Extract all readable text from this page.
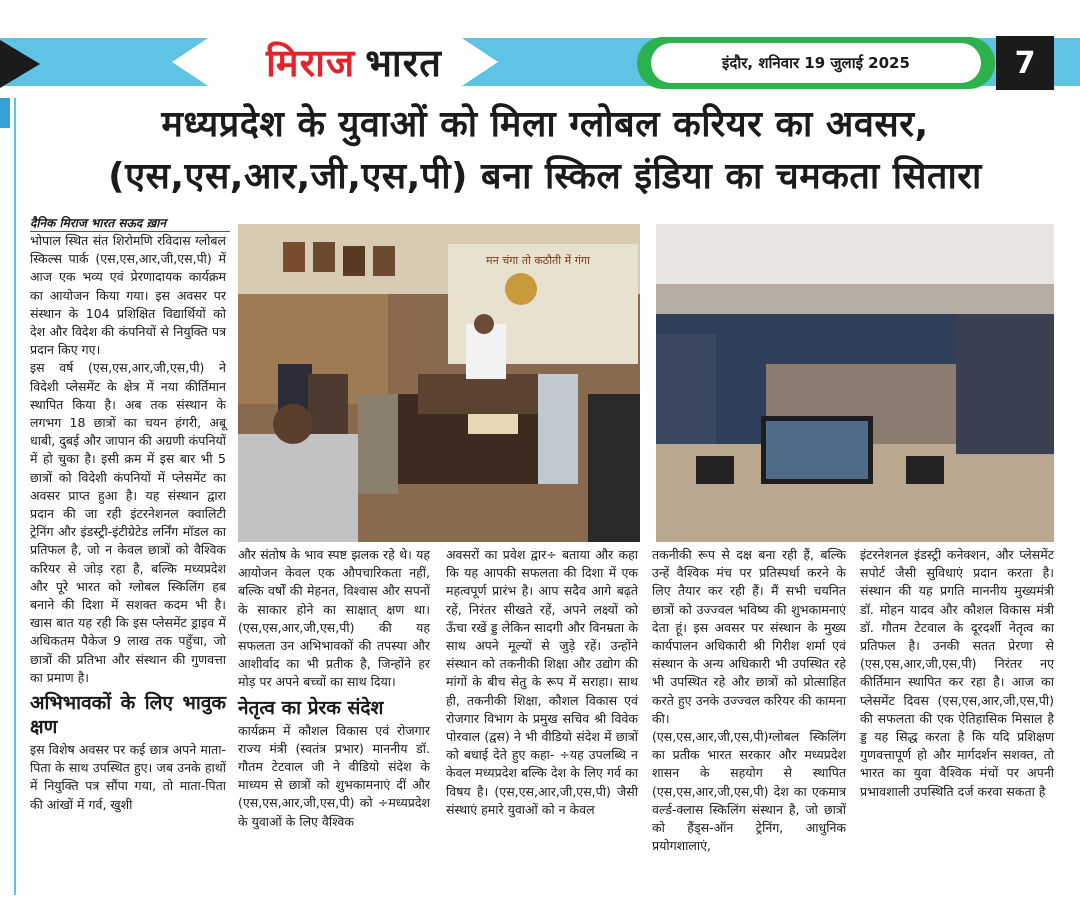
मिराज भारत	इंदौर, शनिवार 19 जुलाई 2025	7
मध्यप्रदेश के युवाओं को मिला ग्लोबल करियर का अवसर,
(एस,एस,आर,जी,एस,पी) बना स्किल इंडिया का चमकता सितारा
दैनिक मिराज भारत सऊद ख़ान
मन चंगा तो कठौती में गंगा

भोपाल स्थित संत शिरोमणि रविदास ग्लोबल स्किल्स पार्क (एस,एस,आर,जी,एस,पी) में आज एक भव्य एवं प्रेरणादायक कार्यक्रम का आयोजन किया गया। इस अवसर पर संस्थान के 104 प्रशिक्षित विद्यार्थियों को देश और विदेश की कंपनियों से नियुक्ति पत्र प्रदान किए गए।

इस वर्ष (एस,एस,आर,जी,एस,पी) ने विदेशी प्लेसमेंट के क्षेत्र में नया कीर्तिमान स्थापित किया है। अब तक संस्थान के लगभग 18 छात्रों का चयन हंगरी, अबू धाबी, दुबई और जापान की अग्रणी कंपनियों में हो चुका है। इसी क्रम में इस बार भी 5 छात्रों को विदेशी कंपनियों में प्लेसमेंट का अवसर प्राप्त हुआ है। यह संस्थान द्वारा प्रदान की जा रही इंटरनेशनल क्वालिटी ट्रेनिंग और इंडस्ट्री-इंटीग्रेटेड लर्निंग मॉडल का प्रतिफल है, जो न केवल छात्रों को वैश्विक करियर से जोड़ रहा है, बल्कि मध्यप्रदेश और पूरे भारत को ग्लोबल स्किलिंग हब बनाने की दिशा में सशक्त कदम भी है। खास बात यह रही कि इस प्लेसमेंट ड्राइव में अधिकतम पैकेज 9 लाख तक पहुँचा, जो छात्रों की प्रतिभा और संस्थान की गुणवत्ता का प्रमाण है।

अभिभावकों के लिए भावुक क्षण

इस विशेष अवसर पर कई छात्र अपने माता-पिता के साथ उपस्थित हुए। जब उनके हाथों में नियुक्ति पत्र सौंपा गया, तो माता-पिता की आंखों में गर्व, खुशी

और संतोष के भाव स्पष्ट झलक रहे थे। यह आयोजन केवल एक औपचारिकता नहीं, बल्कि वर्षों की मेहनत, विश्वास और सपनों के साकार होने का साक्षात् क्षण था। (एस,एस,आर,जी,एस,पी) की यह सफलता उन अभिभावकों की तपस्या और आशीर्वाद का भी प्रतीक है, जिन्होंने हर मोड़ पर अपने बच्चों का साथ दिया।

नेतृत्व का प्रेरक संदेश

कार्यक्रम में कौशल विकास एवं रोजगार राज्य मंत्री (स्वतंत्र प्रभार) माननीय डॉ. गौतम टेटवाल जी ने वीडियो संदेश के माध्यम से छात्रों को शुभकामनाएं दीं और (एस,एस,आर,जी,एस,पी) को ÷मध्यप्रदेश के युवाओं के लिए वैश्विक

अवसरों का प्रवेश द्वार÷ बताया और कहा कि यह आपकी सफलता की दिशा में एक महत्वपूर्ण प्रारंभ है। आप सदैव आगे बढ़ते रहें, निरंतर सीखते रहें, अपने लक्ष्यों को ऊँचा रखें ड्ड लेकिन सादगी और विनम्रता के साथ अपने मूल्यों से जुड़े रहें। उन्होंने संस्थान को तकनीकी शिक्षा और उद्योग की मांगों के बीच सेतु के रूप में सराहा। साथ ही, तकनीकी शिक्षा, कौशल विकास एवं रोजगार विभाग के प्रमुख सचिव श्री विवेक पोरवाल (द्वस) ने भी वीडियो संदेश में छात्रों को बधाई देते हुए कहा- ÷यह उपलब्धि न केवल मध्यप्रदेश बल्कि देश के लिए गर्व का विषय है। (एस,एस,आर,जी,एस,पी) जैसी संस्थाएं हमारे युवाओं को न केवल

तकनीकी रूप से दक्ष बना रही हैं, बल्कि उन्हें वैश्विक मंच पर प्रतिस्पर्धा करने के लिए तैयार कर रही हैं। मैं सभी चयनित छात्रों को उज्ज्वल भविष्य की शुभकामनाएं देता हूं। इस अवसर पर संस्थान के मुख्य कार्यपालन अधिकारी श्री गिरीश शर्मा एवं संस्थान के अन्य अधिकारी भी उपस्थित रहे भी उपस्थित रहे और छात्रों को प्रोत्साहित करते हुए उनके उज्ज्वल करियर की कामना की।

(एस,एस,आर,जी,एस,पी)ग्लोबल स्किलिंग का प्रतीक भारत सरकार और मध्यप्रदेश शासन के सहयोग से स्थापित (एस,एस,आर,जी,एस,पी) देश का एकमात्र वर्ल्ड-क्लास स्किलिंग संस्थान है, जो छात्रों को हैंड्स-ऑन ट्रेनिंग, आधुनिक प्रयोगशालाएं,

इंटरनेशनल इंडस्ट्री कनेक्शन, और प्लेसमेंट सपोर्ट जैसी सुविधाएं प्रदान करता है। संस्थान की यह प्रगति माननीय मुख्यमंत्री डॉ. मोहन यादव और कौशल विकास मंत्री डॉ. गौतम टेटवाल के दूरदर्शी नेतृत्व का प्रतिफल है। उनकी सतत प्रेरणा से (एस,एस,आर,जी,एस,पी) निरंतर नए कीर्तिमान स्थापित कर रहा है। आज का प्लेसमेंट दिवस (एस,एस,आर,जी,एस,पी) की सफलता की एक ऐतिहासिक मिसाल है ड्ड यह सिद्ध करता है कि यदि प्रशिक्षण गुणवत्तापूर्ण हो और मार्गदर्शन सशक्त, तो भारत का युवा वैश्विक मंचों पर अपनी प्रभावशाली उपस्थिति दर्ज करवा सकता है
